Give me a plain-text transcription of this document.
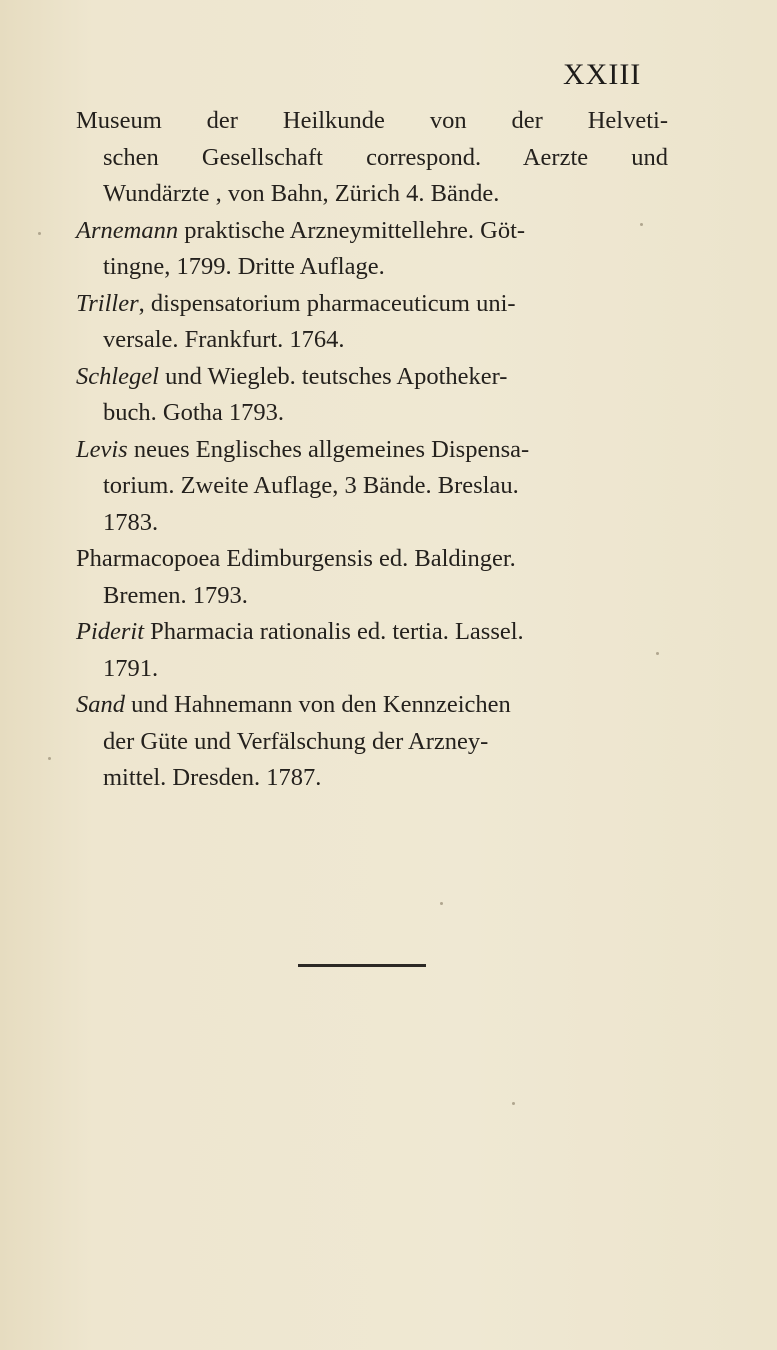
XXIII
Museum der Heilkunde von der Helveti-
schen Gesellschaft correspond. Aerzte und
Wundärzte , von Bahn, Zürich 4. Bände.
Arnemann praktische Arzneymittellehre. Göt-
tingne, 1799. Dritte Auflage.
Triller, dispensatorium pharmaceuticum uni-
versale. Frankfurt. 1764.
Schlegel und Wiegleb. teutsches Apotheker-
buch. Gotha 1793.
Levis neues Englisches allgemeines Dispensa-
torium. Zweite Auflage, 3 Bände. Breslau.
1783.
Pharmacopoea Edimburgensis ed. Baldinger.
Bremen. 1793.
Piderit Pharmacia rationalis ed. tertia. Lassel.
1791.
Sand und Hahnemann von den Kennzeichen
der Güte und Verfälschung der Arzney-
mittel. Dresden. 1787.
